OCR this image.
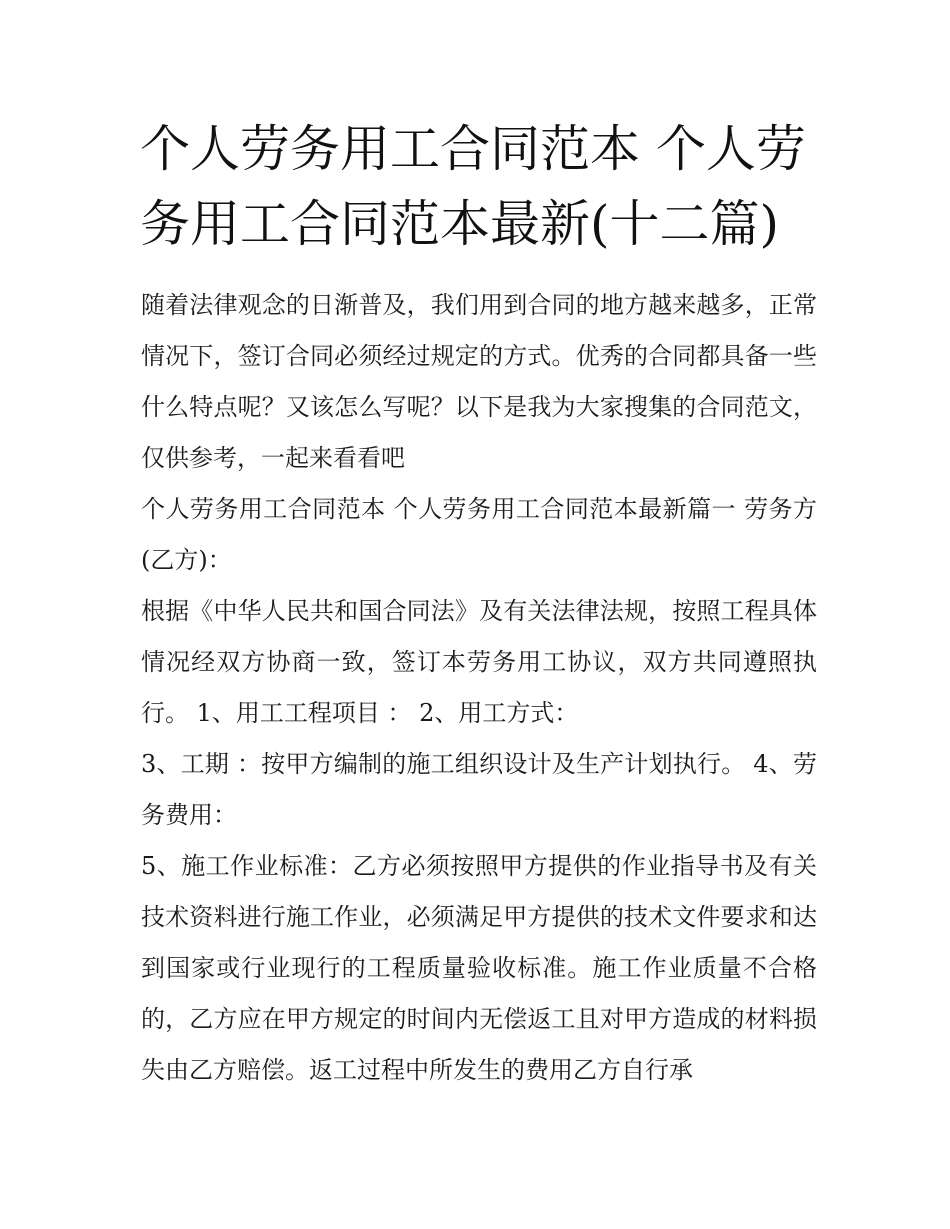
个人劳务用工合同范本 个人劳务用工合同范本最新(十二篇)

随着法律观念的日渐普及，我们用到合同的地方越来越多，正常情况下，签订合同必须经过规定的方式。优秀的合同都具备一些什么特点呢？又该怎么写呢？以下是我为大家搜集的合同范文，仅供参考，一起来看看吧

个人劳务用工合同范本 个人劳务用工合同范本最新篇一 劳务方(乙方)：

根据《中华人民共和国合同法》及有关法律法规，按照工程具体情况经双方协商一致，签订本劳务用工协议，双方共同遵照执行。 1、用工工程项目 ： 2、用工方式：

3、工期 ：按甲方编制的施工组织设计及生产计划执行。 4、劳务费用：

5、施工作业标准：乙方必须按照甲方提供的作业指导书及有关技术资料进行施工作业，必须满足甲方提供的技术文件要求和达到国家或行业现行的工程质量验收标准。施工作业质量不合格的，乙方应在甲方规定的时间内无偿返工且对甲方造成的材料损失由乙方赔偿。返工过程中所发生的费用乙方自行承
